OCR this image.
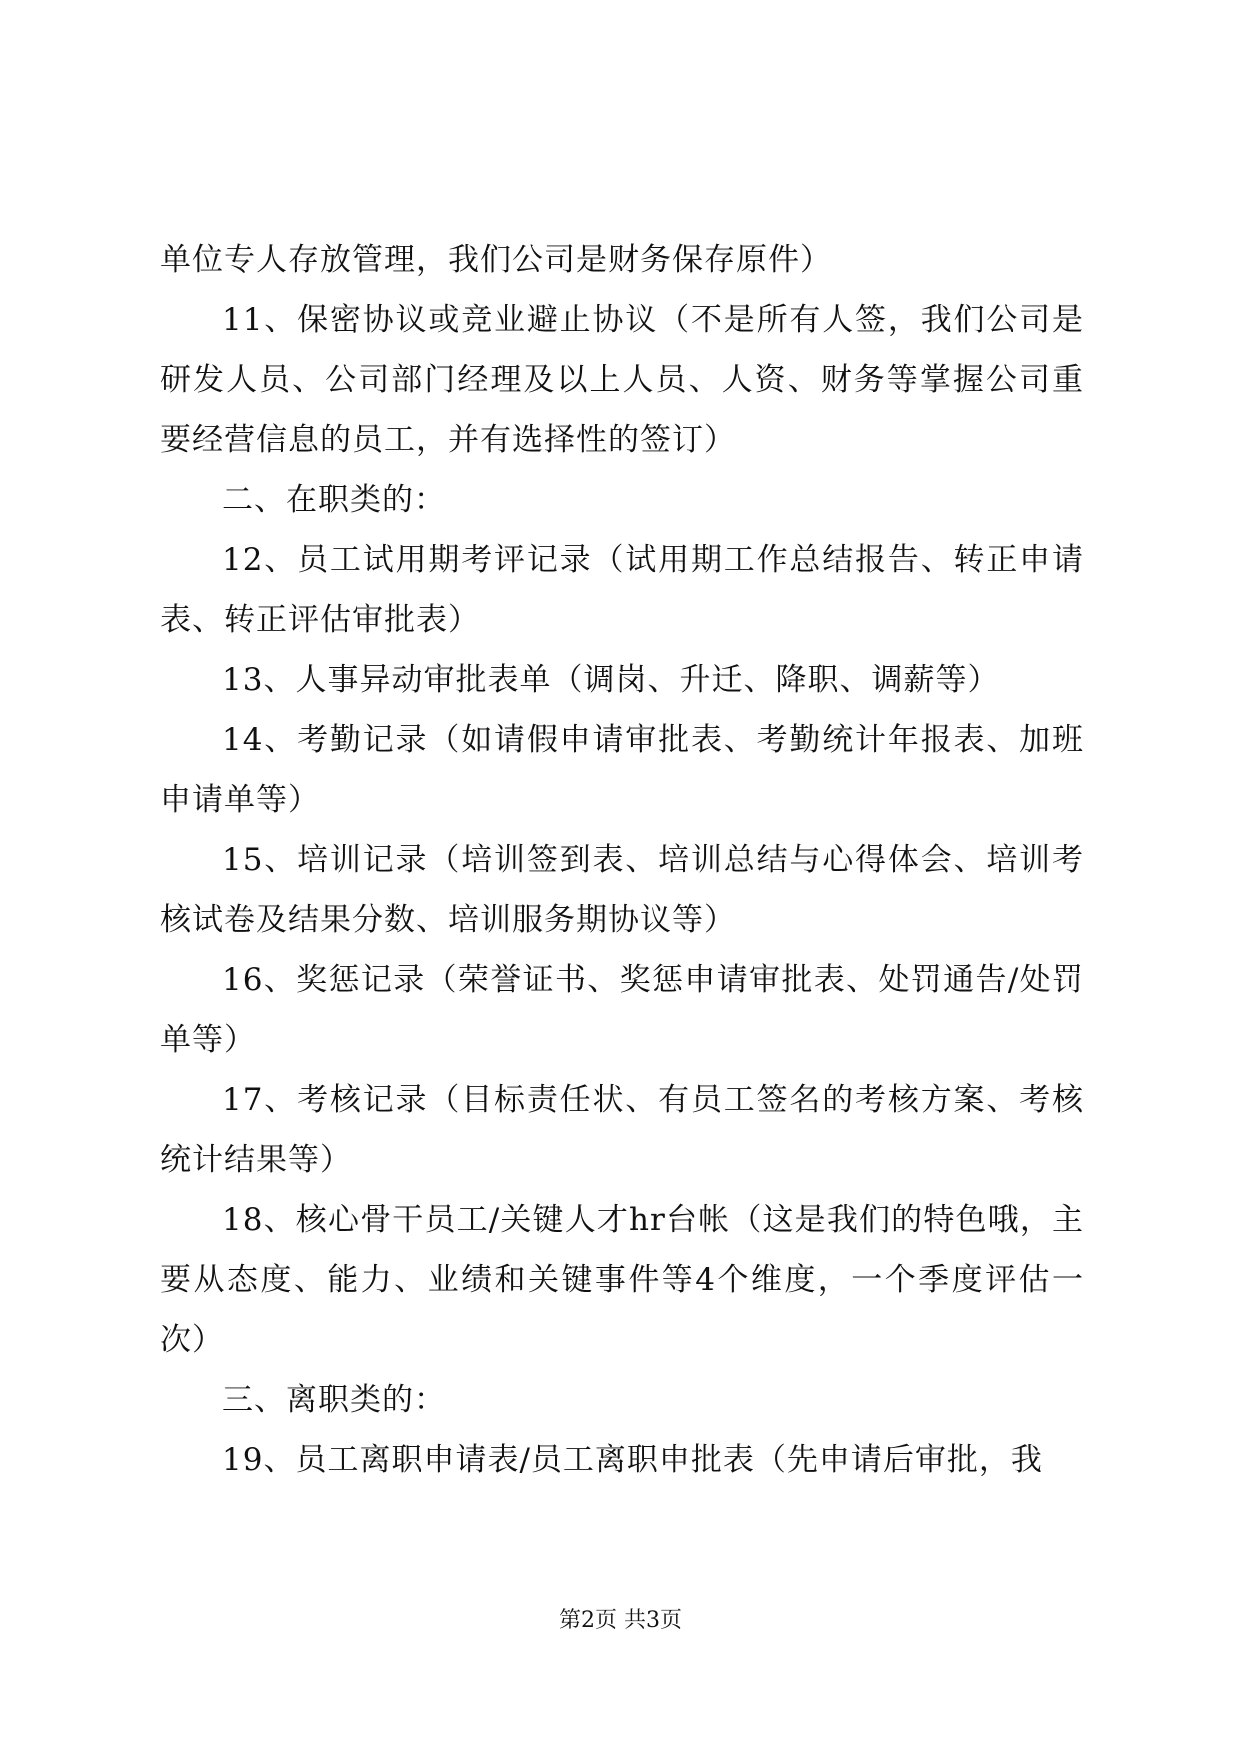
单位专人存放管理，我们公司是财务保存原件）

11、保密协议或竞业避止协议（不是所有人签，我们公司是研发人员、公司部门经理及以上人员、人资、财务等掌握公司重要经营信息的员工，并有选择性的签订）

二、在职类的：

12、员工试用期考评记录（试用期工作总结报告、转正申请表、转正评估审批表）

13、人事异动审批表单（调岗、升迁、降职、调薪等）

14、考勤记录（如请假申请审批表、考勤统计年报表、加班申请单等）

15、培训记录（培训签到表、培训总结与心得体会、培训考核试卷及结果分数、培训服务期协议等）

16、奖惩记录（荣誉证书、奖惩申请审批表、处罚通告/处罚单等）

17、考核记录（目标责任状、有员工签名的考核方案、考核统计结果等）

18、核心骨干员工/关键人才hr台帐（这是我们的特色哦，主要从态度、能力、业绩和关键事件等4个维度，一个季度评估一次）

三、离职类的：

19、员工离职申请表/员工离职申批表（先申请后审批，我

第2页 共3页
